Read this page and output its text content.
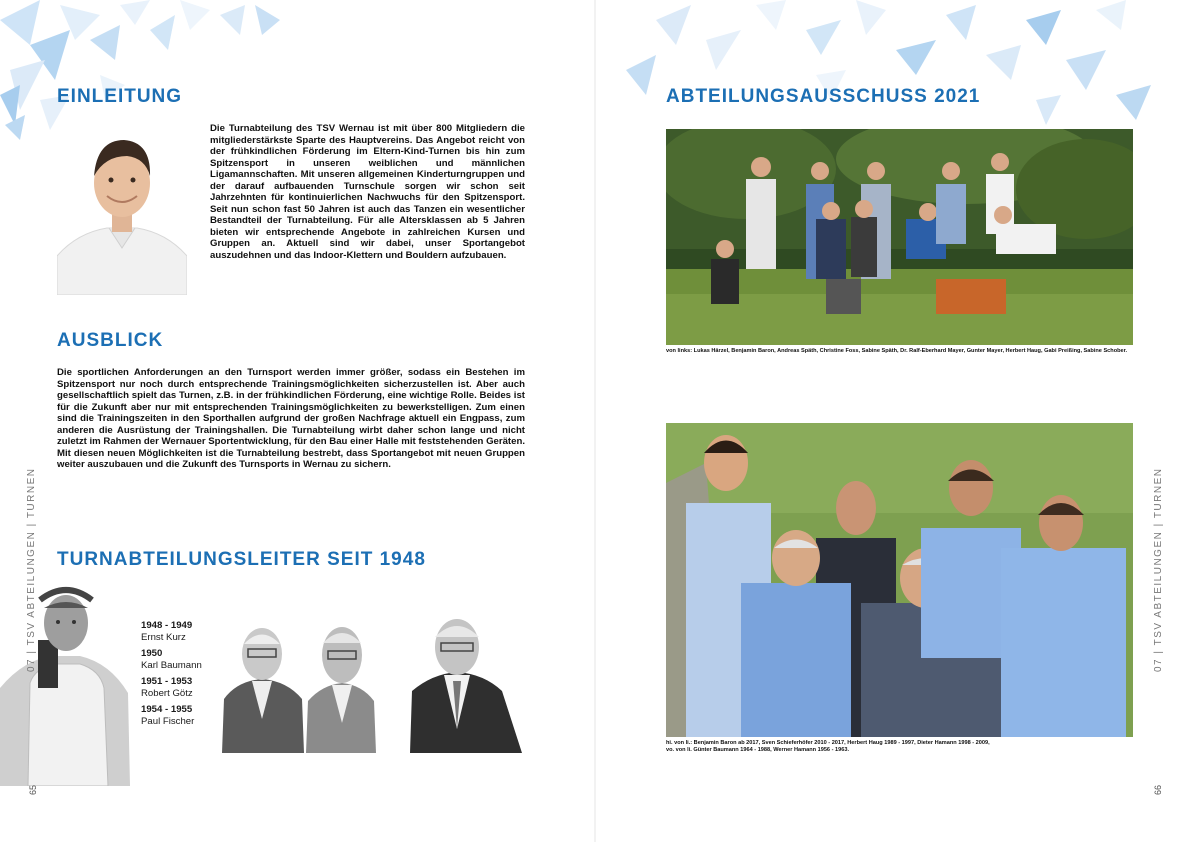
EINLEITUNG

Die Turnabteilung des TSV Wernau ist mit über 800 Mitgliedern die mitgliederstärkste Sparte des Hauptvereins. Das Angebot reicht von der frühkindlichen Förderung im Eltern-Kind-Turnen bis hin zum Spitzensport in unseren weiblichen und männlichen Ligamannschaften. Mit unseren allgemeinen Kinderturngruppen und der darauf aufbauenden Turnschule sorgen wir schon seit Jahrzehnten für kontinuierlichen Nachwuchs für den Spitzensport. Seit nun schon fast 50 Jahren ist auch das Tanzen ein wesentlicher Bestandteil der Turnabteilung. Für alle Altersklassen ab 5 Jahren bieten wir entsprechende Angebote in zahlreichen Kursen und Gruppen an. Aktuell sind wir dabei, unser Sportangebot auszudehnen und das Indoor-Klettern und Bouldern aufzubauen.

AUSBLICK

Die sportlichen Anforderungen an den Turnsport werden immer größer, sodass ein Bestehen im Spitzensport nur noch durch entsprechende Trainingsmöglichkeiten sicherzustellen ist. Aber auch gesellschaftlich spielt das Turnen, z.B. in der frühkindlichen Förderung, eine wichtige Rolle. Beides ist für die Zukunft aber nur mit entsprechenden Trainingsmöglichkeiten zu bewerkstelligen. Zum einen sind die Trainingszeiten in den Sporthallen aufgrund der großen Nachfrage aktuell ein Engpass, zum anderen die Ausrüstung der Trainingshallen. Die Turnabteilung wirbt daher schon lange und nicht zuletzt im Rahmen der Wernauer Sportentwicklung, für den Bau einer Halle mit feststehenden Geräten. Mit diesen neuen Möglichkeiten ist die Turnabteilung bestrebt, dass Sportangebot mit neuen Gruppen weiter auszubauen und die Zukunft des Turnsports in Wernau zu sichern.

TURNABTEILUNGSLEITER SEIT 1948
1948 - 1949
Ernst Kurz
1950
Karl Baumann
1951 - 1953
Robert Götz
1954 - 1955
Paul Fischer
07 | TSV ABTEILUNGEN | TURNEN
65
ABTEILUNGSAUSSCHUSS 2021

von links: Lukas Härzel, Benjamin Baron, Andreas Späth, Christine Foss, Sabine Späth, Dr. Ralf-Eberhard Mayer, Gunter Mayer, Herbert Haug, Gabi Preißing, Sabine Schober.

hi. von li.: Benjamin Baron ab 2017, Sven Schieferhöfer 2010 - 2017, Herbert Haug 1989 - 1997, Dieter Hamann 1998 - 2009,

vo. von li. Günter Baumann 1964 - 1988, Werner Hamann 1956 - 1963.

07 | TSV ABTEILUNGEN | TURNEN
66
